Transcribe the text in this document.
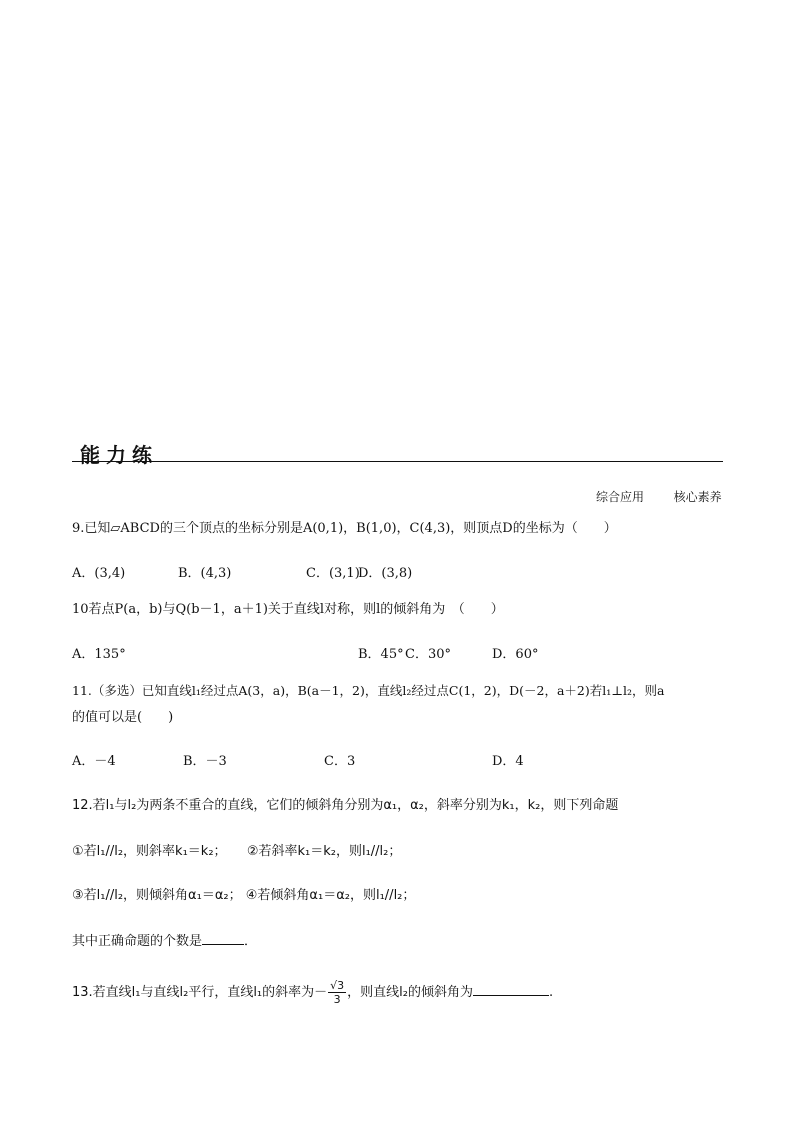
能力练
综合应用 核心素养
9.已知▱ABCD的三个顶点的坐标分别是A(0,1)，B(1,0)，C(4,3)，则顶点D的坐标为（　　）
A．(3,4)	B．(4,3)	C．(3,1)
D．(3,8)
10若点P(a，b)与Q(b－1，a＋1)关于直线l对称，则l的倾斜角为　（　　）
A．135°	B．45° C．30°	D．60°
11.（多选）已知直线l₁经过点A(3，a)，B(a－1，2)，直线l₂经过点C(1，2)，D(－2，a＋2)若l₁⊥l₂，则a
的值可以是(　　)
A．－4	B．－3	C．3	D．4
12.若l₁与l₂为两条不重合的直线，它们的倾斜角分别为α₁，α₂，斜率分别为k₁，k₂，则下列命题
①若l₁//l₂，则斜率k₁＝k₂； ②若斜率k₁＝k₂，则l₁//l₂；
③若l₁//l₂，则倾斜角α₁＝α₂； ④若倾斜角α₁＝α₂，则l₁//l₂；
其中正确命题的个数是	．
13.若直线l₁与直线l₂平行，直线l₁的斜率为－ $\frac{√3}{3}$ ，则直线l₂的倾斜角为	.
